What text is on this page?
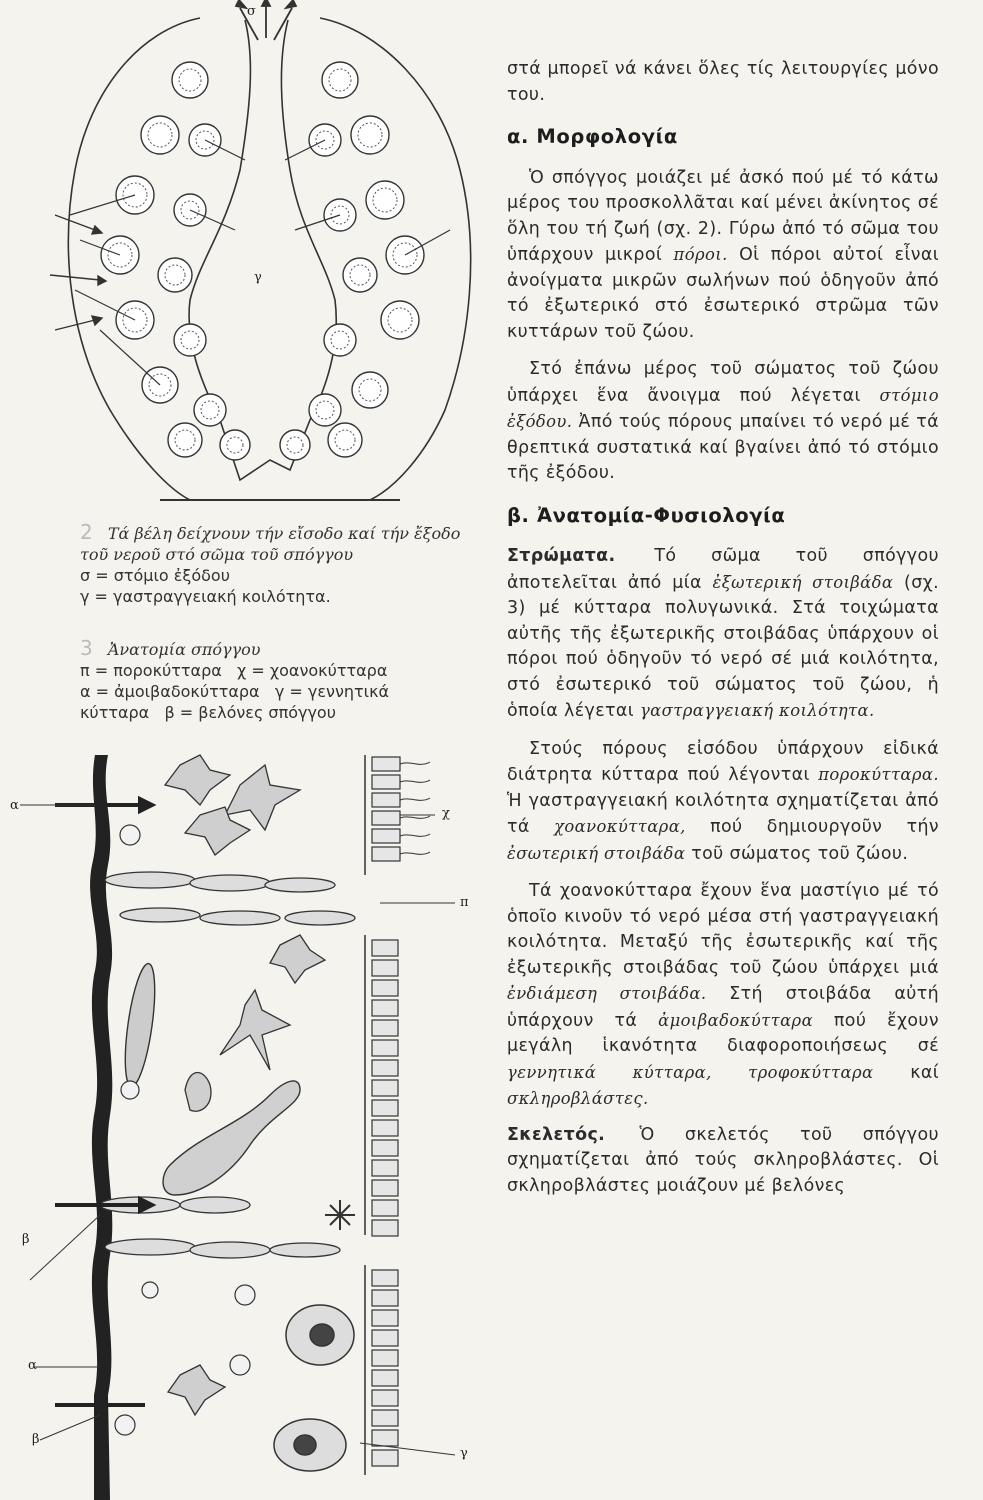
σ
γ
2 Τά βέλη δείχνουν τήν εἴσοδο καί τήν ἔξοδο τοῦ νεροῦ στό σῶμα τοῦ σπόγγου
σ = στόμιο ἐξόδου
γ = γαστραγγειακή κοιλότητα.
3 Ἀνατομία σπόγγου
π = ποροκύτταρα   χ = χοανοκύτταρα
α = ἀμοιβαδοκύτταρα   γ = γεννητικά
κύτταρα   β = βελόνες σπόγγου
α
χ
π
β
α
β
γ

στά μπορεῖ νά κάνει ὅλες τίς λειτουργίες μόνο του.

α. Μορφολογία

Ὁ σπόγγος μοιάζει μέ ἀσκό πού μέ τό κάτω μέρος του προσκολλᾶται καί μένει ἀκίνητος σέ ὅλη του τή ζωή (σχ. 2). Γύρω ἀπό τό σῶμα του ὑπάρχουν μικροί πόροι. Οἱ πόροι αὐτοί εἶναι ἀνοίγματα μικρῶν σωλήνων πού ὁδηγοῦν ἀπό τό ἐξωτερικό στό ἐσωτερικό στρῶμα τῶν κυττάρων τοῦ ζώου.

Στό ἐπάνω μέρος τοῦ σώματος τοῦ ζώου ὑπάρχει ἕνα ἄνοιγμα πού λέγεται στόμιο ἐξόδου. Ἀπό τούς πόρους μπαίνει τό νερό μέ τά θρεπτικά συστατικά καί βγαίνει ἀπό τό στόμιο τῆς ἐξόδου.

β. Ἀνατομία-Φυσιολογία

Στρώματα. Τό σῶμα τοῦ σπόγγου ἀποτελεῖται ἀπό μία ἐξωτερική στοιβάδα (σχ. 3) μέ κύτταρα πολυγωνικά. Στά τοιχώματα αὐτῆς τῆς ἐξωτερικῆς στοιβάδας ὑπάρχουν οἱ πόροι πού ὁδηγοῦν τό νερό σέ μιά κοιλότητα, στό ἐσωτερικό τοῦ σώματος τοῦ ζώου, ἡ ὁποία λέγεται γαστραγγειακή κοιλότητα.

Στούς πόρους εἰσόδου ὑπάρχουν εἰδικά διάτρητα κύτταρα πού λέγονται ποροκύτταρα. Ἡ γαστραγγειακή κοιλότητα σχηματίζεται ἀπό τά χοανοκύτταρα, πού δημιουργοῦν τήν ἐσωτερική στοιβάδα τοῦ σώματος τοῦ ζώου.

Τά χοανοκύτταρα ἔχουν ἕνα μαστίγιο μέ τό ὁποῖο κινοῦν τό νερό μέσα στή γαστραγγειακή κοιλότητα. Μεταξύ τῆς ἐσωτερικῆς καί τῆς ἐξωτερικῆς στοιβάδας τοῦ ζώου ὑπάρχει μιά ἐνδιάμεση στοιβάδα. Στή στοιβάδα αὐτή ὑπάρχουν τά ἀμοιβαδοκύτταρα πού ἔχουν μεγάλη ἱκανότητα διαφοροποιήσεως σέ γεννητικά κύτταρα, τροφοκύτταρα καί σκληροβλάστες.

Σκελετός. Ὁ σκελετός τοῦ σπόγγου σχηματίζεται ἀπό τούς σκληροβλάστες. Οἱ σκληροβλάστες μοιάζουν μέ βελόνες
